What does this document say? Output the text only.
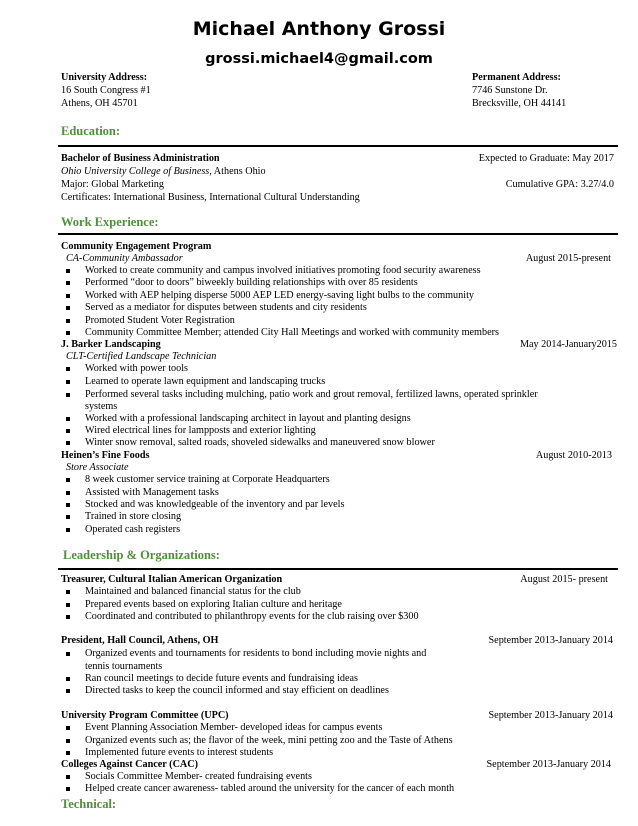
Michael Anthony Grossi
grossi.michael4@gmail.com
University Address:
16 South Congress #1
Athens, OH 45701
Permanent Address:
7746 Sunstone Dr.
Brecksville, OH 44141
Education:
Bachelor of Business Administration	Expected to Graduate: May 2017
Ohio University College of Business, Athens Ohio
Major: Global Marketing	Cumulative GPA: 3.27/4.0
Certificates: International Business, International Cultural Understanding
Work Experience:
Community Engagement Program
CA-Community Ambassador	August 2015-present
Worked to create community and campus involved initiatives promoting food security awareness
Performed “door to doors” biweekly building relationships with over 85 residents
Worked with AEP helping disperse 5000 AEP LED energy-saving light bulbs to the community
Served as a mediator for disputes between students and city residents
Promoted Student Voter Registration
Community Committee Member; attended City Hall Meetings and worked with community members
J. Barker Landscaping	May 2014-January2015
CLT-Certified Landscape Technician
Worked with power tools
Learned to operate lawn equipment and landscaping trucks
Performed several tasks including mulching, patio work and grout removal, fertilized lawns, operated sprinkler
systems
Worked with a professional landscaping architect in layout and planting designs
Wired electrical lines for lampposts and exterior lighting
Winter snow removal, salted roads, shoveled sidewalks and maneuvered snow blower
Heinen’s Fine Foods	August 2010-2013
Store Associate
8 week customer service training at Corporate Headquarters
Assisted with Management tasks
Stocked and was knowledgeable of the inventory and par levels
Trained in store closing
Operated cash registers
Leadership & Organizations:
Treasurer, Cultural Italian American Organization	August 2015- present
Maintained and balanced financial status for the club
Prepared events based on exploring Italian culture and heritage
Coordinated and contributed to philanthropy events for the club raising over $300
President, Hall Council, Athens, OH	September 2013-January 2014
Organized events and tournaments for residents to bond including movie nights and
tennis tournaments
Ran council meetings to decide future events and fundraising ideas
Directed tasks to keep the council informed and stay efficient on deadlines
University Program Committee (UPC)	September 2013-January 2014
Event Planning Association Member- developed ideas for campus events
Organized events such as; the flavor of the week, mini petting zoo and the Taste of Athens
Implemented future events to interest students
Colleges Against Cancer (CAC)	September 2013-January 2014
Socials Committee Member- created fundraising events
Helped create cancer awareness- tabled around the university for the cancer of each month
Technical:
